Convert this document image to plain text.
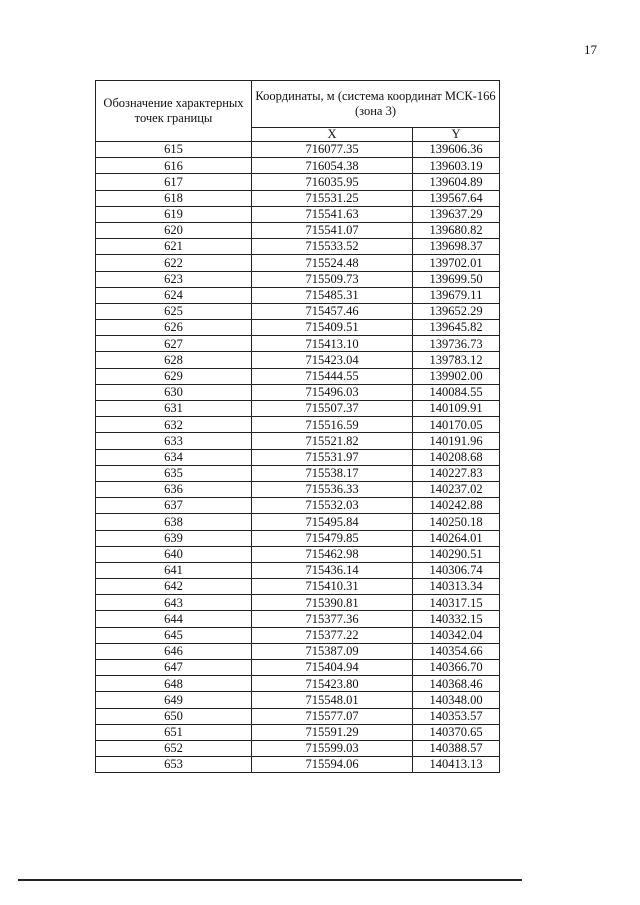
17
Обозначение характерных точек границы	Координаты, м (система координат МСК-166 (зона 3)	
	X	Y
615	716077.35	139606.36
616	716054.38	139603.19
617	716035.95	139604.89
618	715531.25	139567.64
619	715541.63	139637.29
620	715541.07	139680.82
621	715533.52	139698.37
622	715524.48	139702.01
623	715509.73	139699.50
624	715485.31	139679.11
625	715457.46	139652.29
626	715409.51	139645.82
627	715413.10	139736.73
628	715423.04	139783.12
629	715444.55	139902.00
630	715496.03	140084.55
631	715507.37	140109.91
632	715516.59	140170.05
633	715521.82	140191.96
634	715531.97	140208.68
635	715538.17	140227.83
636	715536.33	140237.02
637	715532.03	140242.88
638	715495.84	140250.18
639	715479.85	140264.01
640	715462.98	140290.51
641	715436.14	140306.74
642	715410.31	140313.34
643	715390.81	140317.15
644	715377.36	140332.15
645	715377.22	140342.04
646	715387.09	140354.66
647	715404.94	140366.70
648	715423.80	140368.46
649	715548.01	140348.00
650	715577.07	140353.57
651	715591.29	140370.65
652	715599.03	140388.57
653	715594.06	140413.13
